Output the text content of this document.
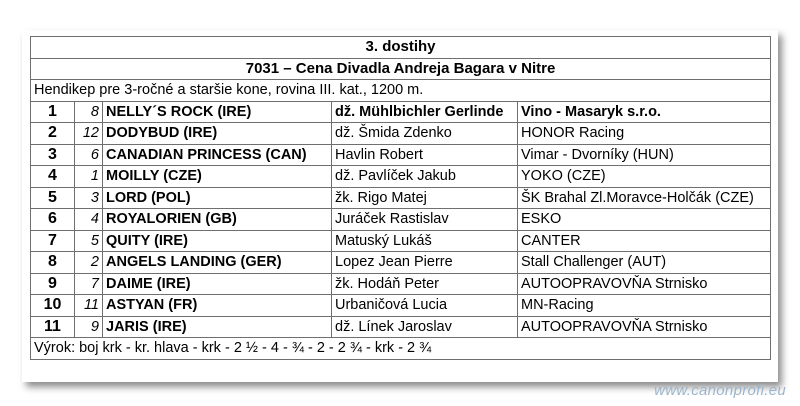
3. dostihy				
7031 – Cena Divadla Andreja Bagara v Nitre				
Hendikep pre 3-ročné a staršie kone, rovina III. kat., 1200 m.				
1	8	NELLY´S ROCK (IRE)	dž. Mühlbichler Gerlinde	Vino - Masaryk s.r.o.
2	12	DODYBUD (IRE)	dž. Šmida Zdenko	HONOR Racing
3	6	CANADIAN PRINCESS (CAN)	Havlin Robert	Vimar - Dvorníky (HUN)
4	1	MOILLY (CZE)	dž. Pavlíček Jakub	YOKO (CZE)
5	3	LORD (POL)	žk. Rigo Matej	ŠK Brahal Zl.Moravce-Holčák (CZE)
6	4	ROYALORIEN (GB)	Juráček Rastislav	ESKO
7	5	QUITY (IRE)	Matuský Lukáš	CANTER
8	2	ANGELS LANDING (GER)	Lopez Jean Pierre	Stall Challenger (AUT)
9	7	DAIME (IRE)	žk. Hodáň Peter	AUTOOPRAVOVŇA Strnisko
10	11	ASTYAN (FR)	Urbaničová Lucia	MN-Racing
11	9	JARIS (IRE)	dž. Línek Jaroslav	AUTOOPRAVOVŇA Strnisko
Výrok: boj krk - kr. hlava - krk - 2 ½ - 4 - ¾ - 2 - 2 ¾ - krk - 2 ¾				
www.canonprofi.eu
